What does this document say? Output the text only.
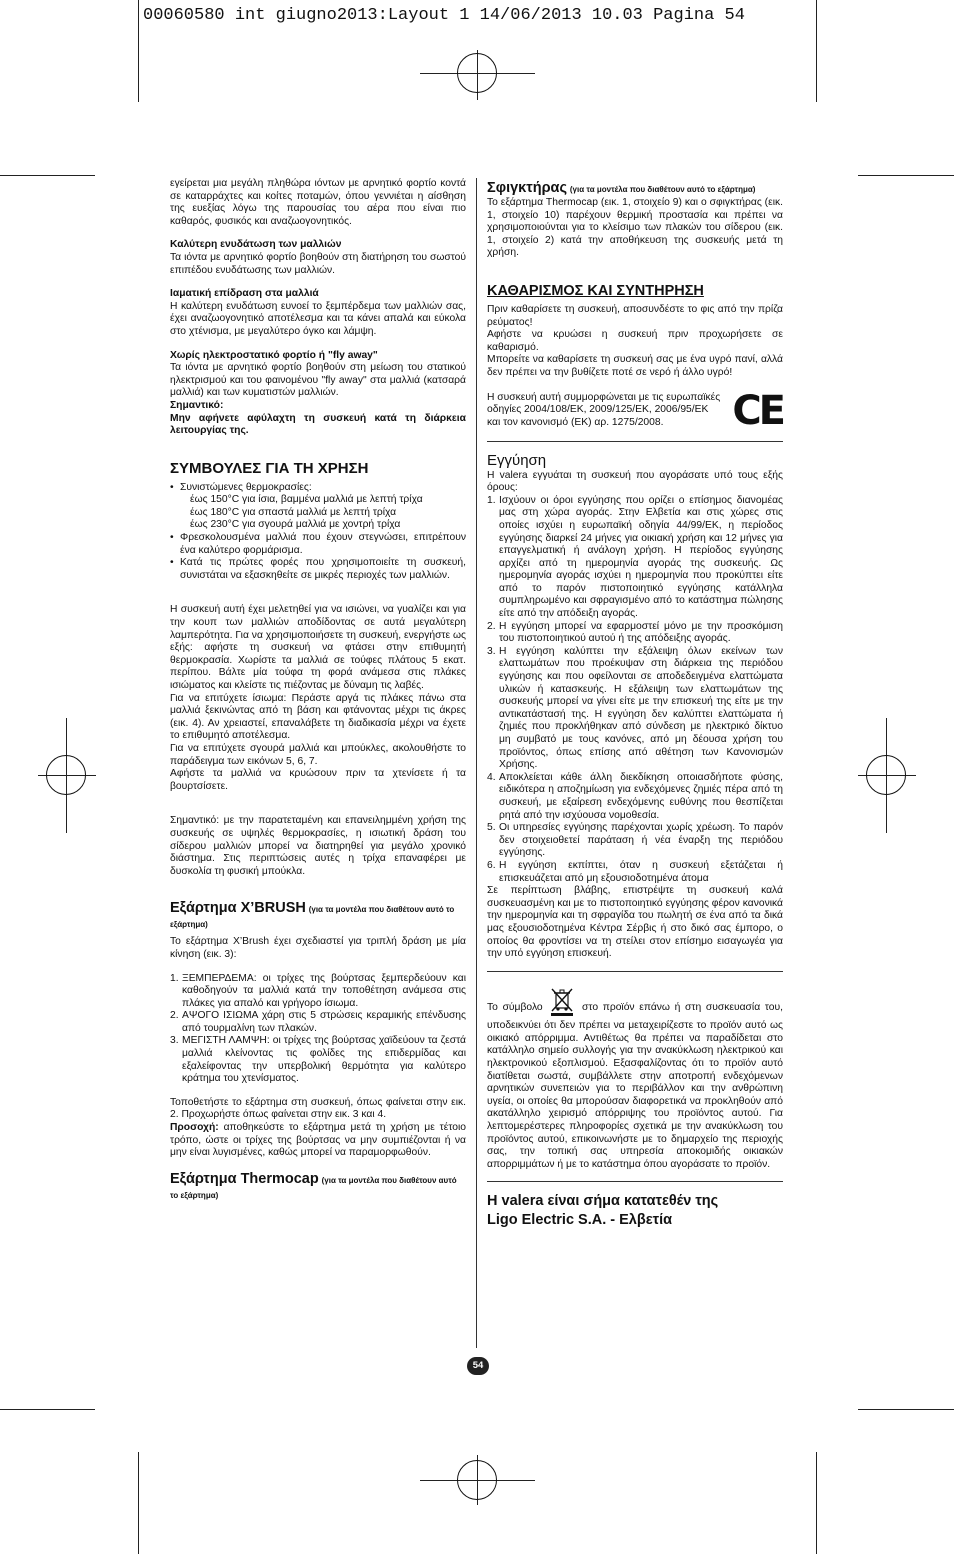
00060580 int giugno2013:Layout 1 14/06/2013 10.03 Pagina 54

εγείρεται μια μεγάλη πληθώρα ιόντων με αρνητικό φορτίο κοντά σε καταρράχτες και κοίτες ποταμών, όπου γεννιέται η αίσθηση της ευεξίας λόγω της παρουσίας του αέρα που είναι πιο καθαρός, φυσικός και αναζωογονητικός.

Καλύτερη ενυδάτωση των μαλλιών

Τα ιόντα με αρνητικό φορτίο βοηθούν στη διατήρηση του σωστού επιπέδου ενυδάτωσης των μαλλιών.

Ιαματική επίδραση στα μαλλιά

Η καλύτερη ενυδάτωση ευνοεί το ξεμπέρδεμα των μαλλιών σας, έχει αναζωογονητικό αποτέλεσμα και τα κάνει απαλά και εύκολα στο χτένισμα, με μεγαλύτερο όγκο και λάμψη.

Χωρίς ηλεκτροστατικό φορτίο ή "fly away"

Τα ιόντα με αρνητικό φορτίο βοηθούν στη μείωση του στατικού ηλεκτρισμού και του φαινομένου "fly away" στα μαλλιά (κατσαρά μαλλιά) και των κυματιστών μαλλιών.

Σημαντικό:
Μην αφήνετε αφύλαχτη τη συσκευή κατά τη διάρκεια λειτουργίας της.
ΣΥΜΒΟΥΛΕΣ ΓΙΑ ΤΗ ΧΡΗΣΗ
• Συνιστώμενες θερμοκρασίες:
έως 150°C για ίσια, βαμμένα μαλλιά με λεπτή τρίχα
έως 180°C για σπαστά μαλλιά με λεπτή τρίχα
έως 230°C για σγουρά μαλλιά με χοντρή τρίχα
• Φρεσκολουσμένα μαλλιά που έχουν στεγνώσει, επιτρέπουν ένα καλύτερο φορμάρισμα.
• Κατά τις πρώτες φορές που χρησιμοποιείτε τη συσκευή, συνιστάται να εξασκηθείτε σε μικρές περιοχές των μαλλιών.

Η συσκευή αυτή έχει μελετηθεί για να ισιώνει, να γυαλίζει και για την κουπ των μαλλιών αποδίδοντας σε αυτά μεγαλύτερη λαμπερότητα. Για να χρησιμοποιήσετε τη συσκευή, ενεργήστε ως εξής: αφήστε τη συσκευή να φτάσει στην επιθυμητή θερμοκρασία. Χωρίστε τα μαλλιά σε τούφες πλάτους 5 εκατ. περίπου. Βάλτε μία τούφα τη φορά ανάμεσα στις πλάκες ισιώματος και κλείστε τις πιέζοντας με δύναμη τις λαβές.

Για να επιτύχετε ίσιωμα: Περάστε αργά τις πλάκες πάνω στα μαλλιά ξεκινώντας από τη βάση και φτάνοντας μέχρι τις άκρες (εικ. 4). Αν χρειαστεί, επαναλάβετε τη διαδικασία μέχρι να έχετε το επιθυμητό αποτέλεσμα.

Για να επιτύχετε σγουρά μαλλιά και μπούκλες, ακολουθήστε το παράδειγμα των εικόνων 5, 6, 7.

Αφήστε τα μαλλιά να κρυώσουν πριν τα χτενίσετε ή τα βουρτσίσετε.

Σημαντικό: με την παρατεταμένη και επανειλημμένη χρήση της συσκευής σε υψηλές θερμοκρασίες, η ισιωτική δράση του σίδερου μαλλιών μπορεί να διατηρηθεί για μεγάλο χρονικό διάστημα. Στις περιπτώσεις αυτές η τρίχα επαναφέρει με δυσκολία τη φυσική μπούκλα.

Εξάρτημα X’BRUSH (για τα μοντέλα που διαθέτουν αυτό το εξάρτημα)

Το εξάρτημα X’Brush έχει σχεδιαστεί για τριπλή δράση με μία κίνηση (εικ. 3):

1. ΞΕΜΠΕΡΔΕΜΑ: οι τρίχες της βούρτσας ξεμπερδεύουν και καθοδηγούν τα μαλλιά κατά την τοποθέτηση ανάμεσα στις πλάκες για απαλό και γρήγορο ίσιωμα.
2. ΑΨΟΓΟ ΙΣΙΩΜΑ χάρη στις 5 στρώσεις κεραμικής επένδυσης από τουρμαλίνη των πλακών.
3. ΜΕΓΙΣΤΗ ΛΑΜΨΗ: οι τρίχες της βούρτσας χαϊδεύουν τα ζεστά μαλλιά κλείνοντας τις φολίδες της επιδερμίδας και εξαλείφοντας την υπερβολική θερμότητα για καλύτερο κράτημα του χτενίσματος.

Τοποθετήστε το εξάρτημα στη συσκευή, όπως φαίνεται στην εικ. 2. Προχωρήστε όπως φαίνεται στην εικ. 3 και 4.

Προσοχή: αποθηκεύστε το εξάρτημα μετά τη χρήση με τέτοιο τρόπο, ώστε οι τρίχες της βούρτσας να μην συμπιέζονται ή να μην είναι λυγισμένες, καθώς μπορεί να παραμορφωθούν.

Εξάρτημα Thermocap (για τα μοντέλα που διαθέτουν αυτό το εξάρτημα)
Σφιγκτήρας (για τα μοντέλα που διαθέτουν αυτό το εξάρτημα)

Το εξάρτημα Thermocap (εικ. 1, στοιχείο 9) και ο σφιγκτήρας (εικ. 1, στοιχείο 10) παρέχουν θερμική προστασία και πρέπει να χρησιμοποιούνται για το κλείσιμο των πλακών του σίδερου (εικ. 1, στοιχείο 2) κατά την αποθήκευση της συσκευής μετά τη χρήση.

ΚΑΘΑΡΙΣΜΟΣ ΚΑΙ ΣΥΝΤΗΡΗΣΗ

Πριν καθαρίσετε τη συσκευή, αποσυνδέστε το φις από την πρίζα ρεύματος!

Αφήστε να κρυώσει η συσκευή πριν προχωρήσετε σε καθαρισμό.

Μπορείτε να καθαρίσετε τη συσκευή σας με ένα υγρό πανί, αλλά δεν πρέπει να την βυθίζετε ποτέ σε νερό ή άλλο υγρό!

Η συσκευή αυτή συμμορφώνεται με τις ευρωπαϊκές οδηγίες 2004/108/ΕΚ, 2009/125/ΕΚ, 2006/95/ΕΚ και τον κανονισμό (ΕΚ) αρ. 1275/2008.	CE
Εγγύηση

Η valera εγγυάται τη συσκευή που αγοράσατε υπό τους εξής όρους:

1. Ισχύουν οι όροι εγγύησης που ορίζει ο επίσημος διανομέας μας στη χώρα αγοράς. Στην Ελβετία και στις χώρες στις οποίες ισχύει η ευρωπαϊκή οδηγία 44/99/ΕΚ, η περίοδος εγγύησης διαρκεί 24 μήνες για οικιακή χρήση και 12 μήνες για επαγγελματική ή ανάλογη χρήση. Η περίοδος εγγύησης αρχίζει από τη ημερομηνία αγοράς της συσκευής. Ως ημερομηνία αγοράς ισχύει η ημερομηνία που προκύπτει είτε από το παρόν πιστοποιητικό εγγύησης κατάλληλα συμπληρωμένο και σφραγισμένο από το κατάστημα πώλησης είτε από την απόδειξη αγοράς.
2. Η εγγύηση μπορεί να εφαρμοστεί μόνο με την προσκόμιση του πιστοποιητικού αυτού ή της απόδειξης αγοράς.
3. Η εγγύηση καλύπτει την εξάλειψη όλων εκείνων των ελαττωμάτων που προέκυψαν στη διάρκεια της περιόδου εγγύησης και που οφείλονται σε αποδεδειγμένα ελαττώματα υλικών ή κατασκευής. Η εξάλειψη των ελαττωμάτων της συσκευής μπορεί να γίνει είτε με την επισκευή της είτε με την αντικατάστασή της. Η εγγύηση δεν καλύπτει ελαττώματα ή ζημιές που προκλήθηκαν από σύνδεση με ηλεκτρικό δίκτυο μη συμβατό με τους κανόνες, από μη δέουσα χρήση του προϊόντος, όπως επίσης από αθέτηση των Κανονισμών Χρήσης.
4. Αποκλείεται κάθε άλλη διεκδίκηση οποιασδήποτε φύσης, ειδικότερα η αποζημίωση για ενδεχόμενες ζημιές πέρα από τη συσκευή, με εξαίρεση ενδεχόμενης ευθύνης που θεσπίζεται ρητά από την ισχύουσα νομοθεσία.
5. Οι υπηρεσίες εγγύησης παρέχονται χωρίς χρέωση. Το παρόν δεν στοιχειοθετεί παράταση ή νέα έναρξη της περιόδου εγγύησης.
6. Η εγγύηση εκπίπτει, όταν η συσκευή εξετάζεται ή επισκευάζεται από μη εξουσιοδοτημένα άτομα

Σε περίπτωση βλάβης, επιστρέψτε τη συσκευή καλά συσκευασμένη και με το πιστοποιητικό εγγύησης φέρον κανονικά την ημερομηνία και τη σφραγίδα του πωλητή σε ένα από τα δικά μας εξουσιοδοτημένα Κέντρα Σέρβις ή στο δικό σας έμπορο, ο οποίος θα φροντίσει να τη στείλει στον επίσημο εισαγωγέα για την υπό εγγύηση επισκευή.

Το σύμβολο	στο προϊόν επάνω ή στη συσκευασία του, υποδεικνύει ότι δεν πρέπει να μεταχειρίζεστε το προϊόν αυτό ως οικιακό απόρριμμα. Αντιθέτως θα πρέπει να παραδίδεται στο κατάλληλο σημείο συλλογής για την ανακύκλωση ηλεκτρικού και ηλεκτρονικού εξοπλισμού. Εξασφαλίζοντας ότι το προϊόν αυτό διατίθεται σωστά, συμβάλλετε στην αποτροπή ενδεχόμενων αρνητικών συνεπειών για το περιβάλλον και την ανθρώπινη υγεία, οι οποίες θα μπορούσαν διαφορετικά να προκληθούν από ακατάλληλο χειρισμό απόρριψης του προϊόντος αυτού. Για λεπτομερέστερες πληροφορίες σχετικά με την ανακύκλωση του προϊόντος αυτού, επικοινωνήστε με το δημαρχείο της περιοχής σας, την τοπική σας υπηρεσία αποκομιδής οικιακών απορριμμάτων ή με το κατάστημα όπου αγοράσατε το προϊόν.

Η valera είναι σήμα κατατεθέν της
Ligo Electric S.A. - Ελβετία
54
